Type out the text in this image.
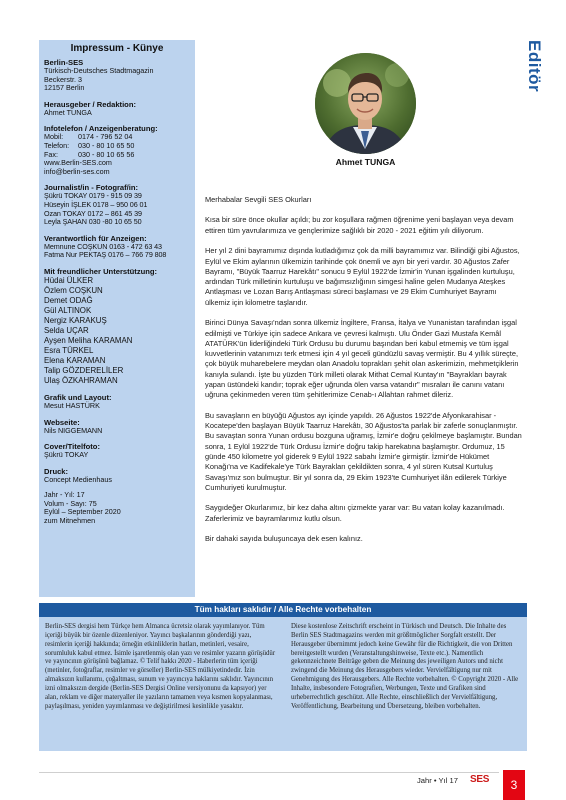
Impressum - Künye
Berlin-SES
Türkisch-Deutsches Stadtmagazin
Beckerstr. 3
12157 Berlin
Herausgeber / Redaktion:
Ahmet TUNGA
Infotelefon / Anzeigenberatung:
Mobil:	0174 - 796 52 04
Telefon:	030 - 80 10 65 50
Fax:	030 - 80 10 65 56
www.Berlin-SES.com
info@berlin-ses.com
Journalist/in - Fotograf/in:
Şükrü TOKAY 0179 - 915 09 39
Hüseyin İŞLEK 0178 – 950 06 01
Ozan TOKAY 0172 – 861 45 39
Leyla ŞAHAN 030 -80 10 65 50
Verantwortlich für Anzeigen:
Memnune COŞKUN 0163 - 472 63 43
Fatma Nur PEKTAŞ 0176 – 766 79 808
Mit freundlicher Unterstützung:
Hüdai ÜLKER
Özlem COŞKUN
Demet ODAĞ
Gül ALTINOK
Nergiz KARAKUŞ
Selda UÇAR
Ayşen Meliha KARAMAN
Esra TÜRKEL
Elena KARAMAN
Talip GÖZDERELİLER
Ulaş ÖZKAHRAMAN
Grafik und Layout:
Mesut HASTÜRK
Webseite:
Nils NIGGEMANN
Cover/Titelfoto:
Şükrü TOKAY
Druck:
Concept Medienhaus
Jahr - Yıl: 17
Volum - Sayı: 75
Eylül – September 2020
zum Mitnehmen
Editör
Ahmet TUNGA

Merhabalar Sevgili SES Okurları

Kısa bir süre önce okullar açıldı; bu zor koşullara rağmen öğrenime yeni başlayan veya devam ettiren tüm yavrularımıza ve gençlerimize sağlıklı bir 2020 - 2021 eğitim yılı diliyorum.

Her yıl 2 dini bayramımız dışında kutladığımız çok da milli bayramımız var. Bilindiği gibi Ağustos, Eylül ve Ekim aylarının ülkemizin tarihinde çok önemli ve ayrı bir yeri vardır. 30 Ağustos Zafer Bayramı, "Büyük Taarruz Harekâtı" sonucu 9 Eylül 1922'de İzmir'in Yunan işgalinden kurtuluşu, ardından Türk milletinin kurtuluşu ve bağımsızlığının simgesi haline gelen Mudanya Ateşkes Antlaşması ve Lozan Barış Antlaşması süreci başlaması ve 29 Ekim Cumhuriyet Bayramı ülkemiz için kilometre taşlarıdır.

Birinci Dünya Savaşı'ndan sonra ülkemiz İngiltere, Fransa, İtalya ve Yunanistan tarafından işgal edilmişti ve Türkiye için sadece Ankara ve çevresi kalmıştı. Ulu Önder Gazi Mustafa Kemâl ATATÜRK'ün liderliğindeki Türk Ordusu bu durumu başından beri kabul etmemiş ve tüm işgal kuvvetlerinin vatanımızı terk etmesi için 4 yıl geceli gündüzlü savaş vermiştir. Bu 4 yıllık süreçte, çok büyük muharebelere meydan olan Anadolu toprakları şehit olan askerimizin, mehmetçiklerin kanıyla sulandı. İşte bu yüzden Türk milleti olarak Mithat Cemal Kuntay'ın "Bayrakları bayrak yapan üstündeki kandır; toprak eğer uğrunda ölen varsa vatandır" mısraları ile canını vatanı uğruna çekinmeden veren tüm şehitlerimize Cenab-ı Allahtan rahmet dileriz.

Bu savaşların en büyüğü Ağustos ayı içinde yapıldı. 26 Ağustos 1922'de Afyonkarahisar - Kocatepe'den başlayan Büyük Taarruz Harekâtı, 30 Ağustos'ta parlak bir zaferle sonuçlanmıştır. Bu savaştan sonra Yunan ordusu bozguna uğramış, İzmir'e doğru çekilmeye başlamıştır. Bundan sonra, 1 Eylül 1922'de Türk Ordusu İzmir'e doğru takip harekatına başlamıştır. Ordumuz, 15 günde 450 kilometre yol giderek 9 Eylül 1922 sabahı İzmir'e girmiştir. İzmir'de Hükümet Konağı'na ve Kadifekale'ye Türk Bayrakları çekildikten sonra, 4 yıl süren Kutsal Kurtuluş Savaşı'mız son bulmuştur. Bir yıl sonra da, 29 Ekim 1923'te Cumhuriyet ilân edilerek Türkiye Cumhuriyeti kurulmuştur.

Saygıdeğer Okurlarımız, bir kez daha altını çizmekte yarar var: Bu vatan kolay kazanılmadı. Zaferlerimiz ve bayramlarımız kutlu olsun.

Bir dahaki sayıda buluşuncaya dek esen kalınız.

Tüm hakları saklıdır / Alle Rechte vorbehalten
Berlin-SES dergisi hem Türkçe hem Almanca ücretsiz olarak yayımlanıyor. Tüm içeriği büyük bir özenle düzenleniyor. Yayıncı başkalarının gönderdiği yazı, resimlerin içeriği hakkında; örneğin etkinliklerin hatları, metinleri, vesaire, sorumluluk kabul etmez. İsimle işaretlenmiş olan yazı ve resimler yazarın görüşüdür ve yayıncının görüşünü bağlamaz. © Telif hakkı 2020 - Haberlerin tüm içeriği (metinler, fotoğraflar, resimler ve görseller) Berlin-SES mülkiyetindedir. İzin almaksızın kullanımı, çoğaltması, sunum ve yayıncıya haklarını saklıdır. Yayıncının izni olmaksızın dergide (Berlin-SES Dergisi Online versiyonunu da kapsıyor) yer alan, reklam ve diğer materyaller ile yazıların tamamen veya kısmen kopyalanması, paylaşılması, yeniden yayımlanması ve değiştirilmesi kesinlikle yasaktır.
Diese kostenlose Zeitschrift erscheint in Türkisch und Deutsch. Die Inhalte des Berlin SES Stadtmagazins werden mit größtmöglicher Sorgfalt erstellt. Der Herausgeber übernimmt jedoch keine Gewähr für die Richtigkeit, die von Dritten bereitgestellt wurden (Veranstaltungshinweise, Texte etc.). Namentlich gekennzeichnete Beiträge geben die Meinung des jeweiligen Autors und nicht zwingend die Meinung des Herausgebers wieder. Vervielfältigung nur mit Genehmigung des Herausgebers. Alle Rechte vorbehalten. © Copyright 2020 - Alle Inhalte, insbesondere Fotografien, Werbungen, Texte und Grafiken sind urheberrechtlich geschützt. Alle Rechte, einschließlich der Vervielfältigung, Veröffentlichung, Bearbeitung und Übersetzung, bleiben vorbehalten.
Jahr • Yıl 17 SES	3
